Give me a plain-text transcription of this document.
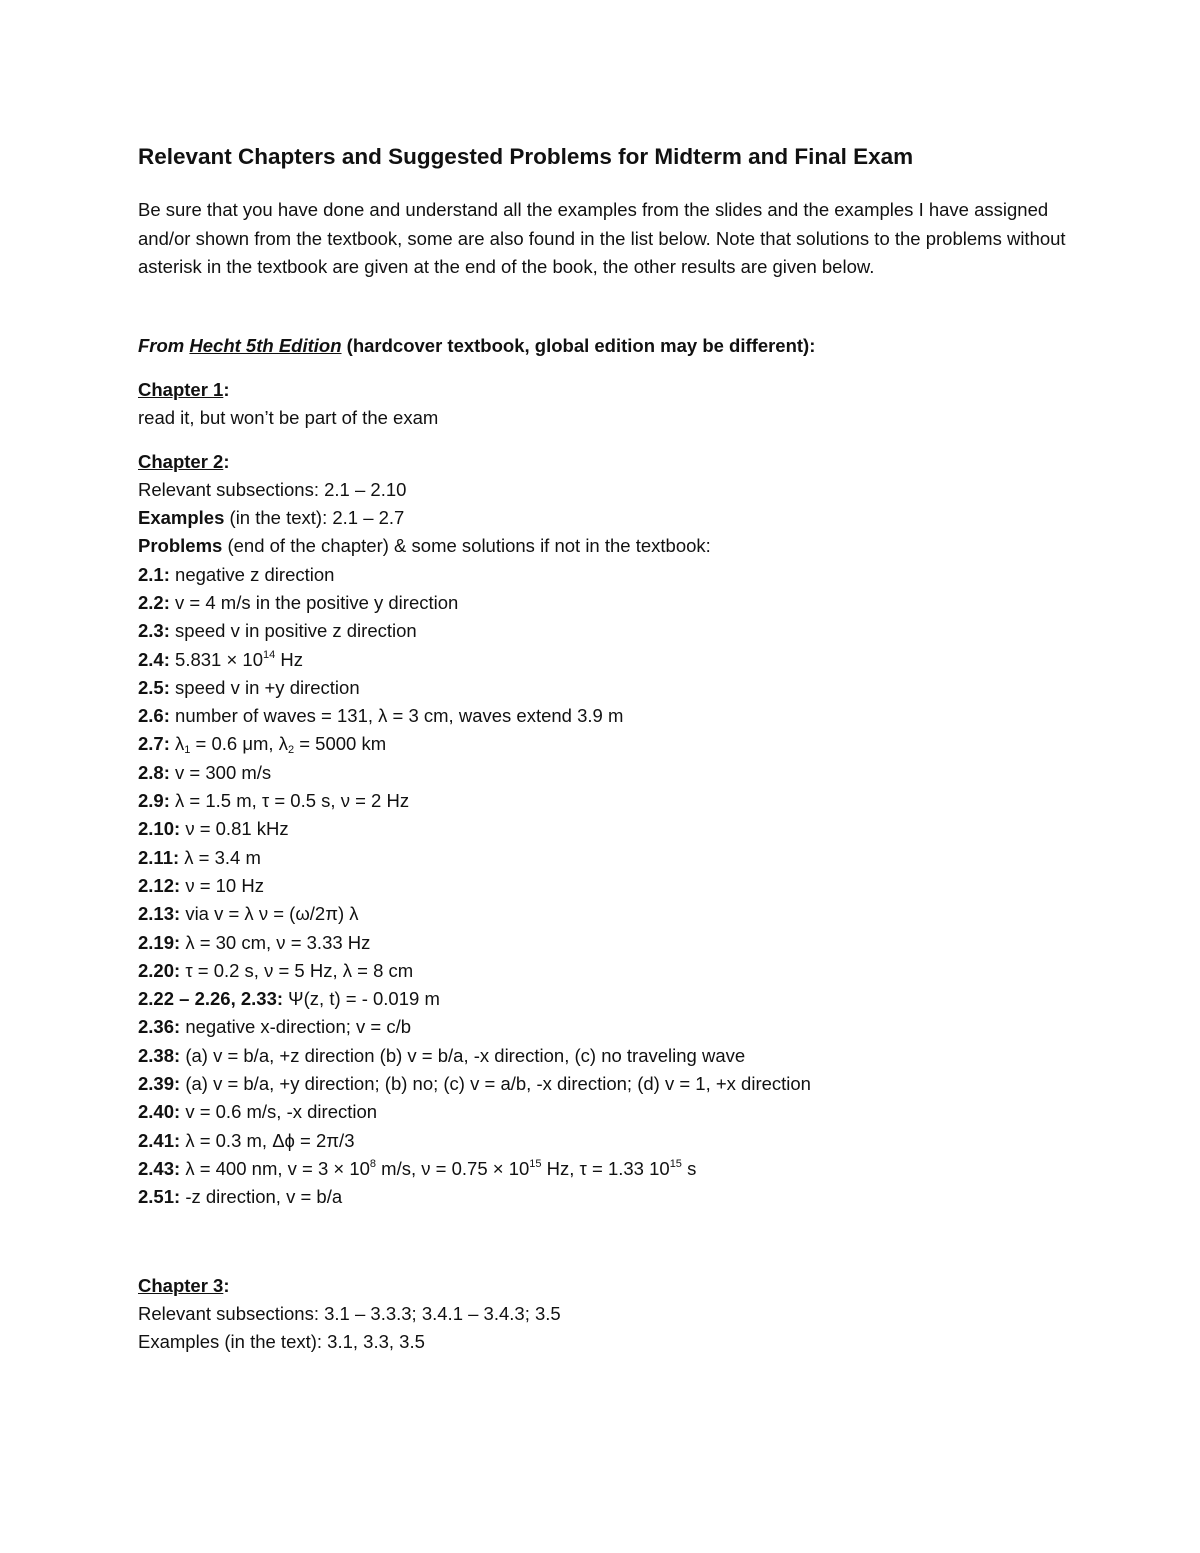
Relevant Chapters and Suggested Problems for Midterm and Final Exam

Be sure that you have done and understand all the examples from the slides and the examples I have assigned and/or shown from the textbook, some are also found in the list below. Note that solutions to the problems without asterisk in the textbook are given at the end of the book, the other results are given below.

From Hecht 5th Edition (hardcover textbook, global edition may be different):
Chapter 1:
read it, but won’t be part of the exam
Chapter 2:
Relevant subsections: 2.1 – 2.10
Examples (in the text): 2.1 – 2.7
Problems (end of the chapter) & some solutions if not in the textbook:
2.1: negative z direction
2.2: v = 4 m/s in the positive y direction
2.3: speed v in positive z direction
2.4: $5.831 \times 10^{14}$ Hz
2.5: speed v in +y direction
2.6: number of waves = 131, λ = 3 cm, waves extend 3.9 m
2.7: $\lambda_1 = 0.6$ μm, $\lambda_2 = 5000$ km
2.8: v = 300 m/s
2.9: λ = 1.5 m, τ = 0.5 s, ν = 2 Hz
2.10: ν = 0.81 kHz
2.11: λ = 3.4 m
2.12: ν = 10 Hz
2.13: via v = λ ν = (ω/2π) λ
2.19: λ = 30 cm, ν = 3.33 Hz
2.20: τ = 0.2 s, ν = 5 Hz, λ = 8 cm
2.22 – 2.26, 2.33: Ψ(z, t) = - 0.019 m
2.36: negative x-direction; v = c/b
2.38: (a) v = b/a, +z direction (b) v = b/a, -x direction, (c) no traveling wave
2.39: (a) v = b/a, +y direction; (b) no; (c) v = a/b, -x direction; (d) v = 1, +x direction
2.40: v = 0.6 m/s, -x direction
2.41: λ = 0.3 m, Δϕ = 2π/3
2.43: λ = 400 nm, $v = 3 \times 10^8$ m/s, $\nu = 0.75 \times 10^{15}$ Hz, τ = 1.33 $10^{15}$ s
2.51: -z direction, v = b/a
Chapter 3:
Relevant subsections: 3.1 – 3.3.3; 3.4.1 – 3.4.3; 3.5
Examples (in the text): 3.1, 3.3, 3.5
